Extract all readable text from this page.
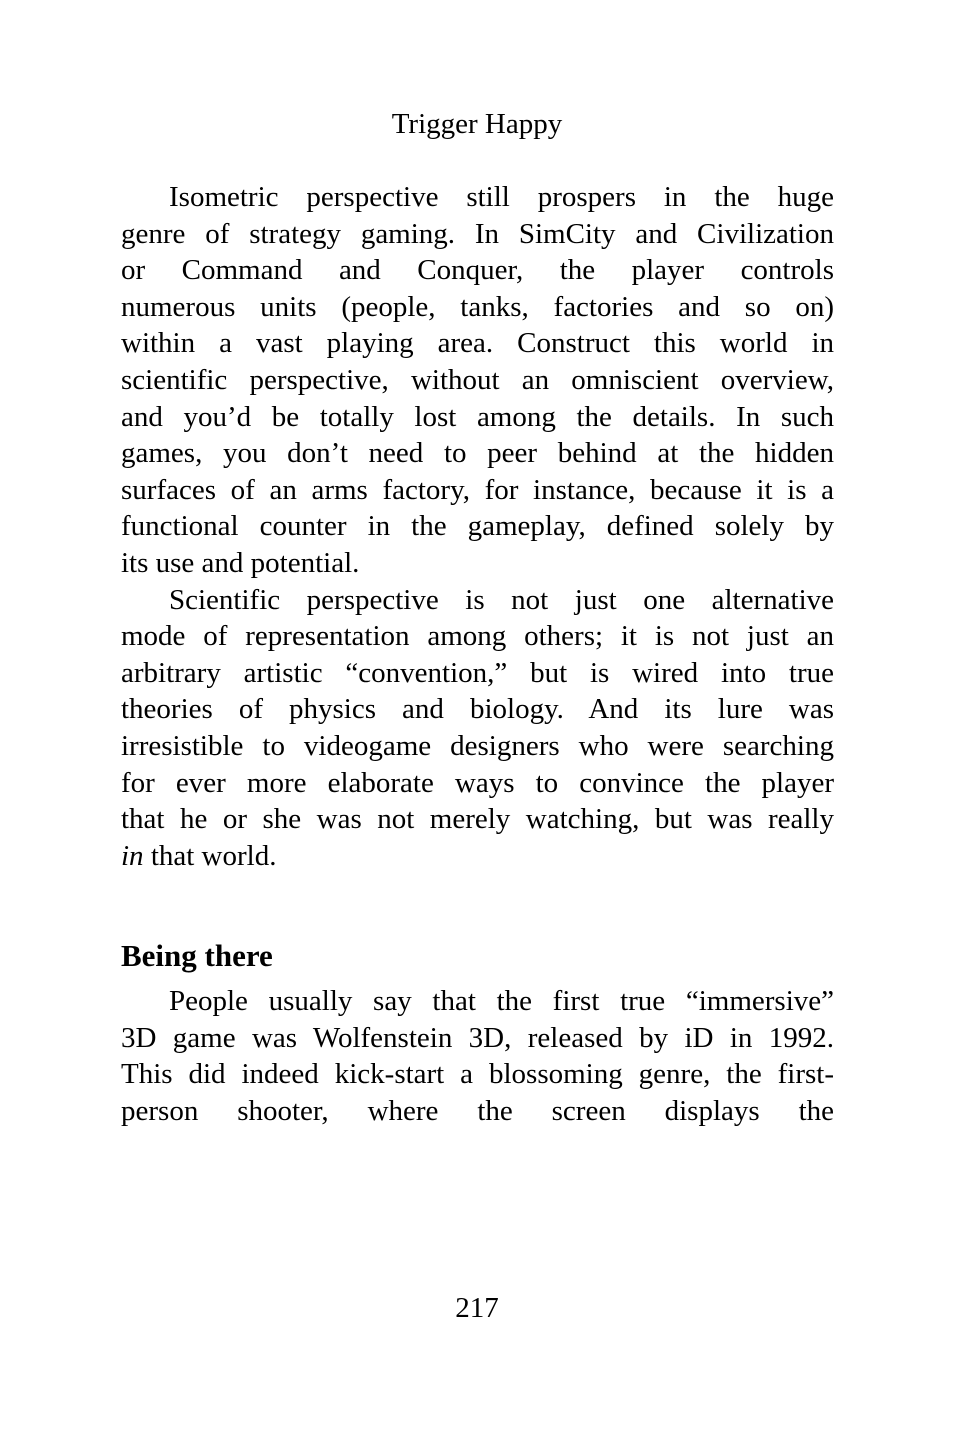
Trigger Happy
Isometric perspective still prospers in the huge
genre of strategy gaming. In SimCity and Civilization
or Command and Conquer, the player controls
numerous units (people, tanks, factories and so on)
within a vast playing area. Construct this world in
scientific perspective, without an omniscient overview,
and you’d be totally lost among the details. In such
games, you don’t need to peer behind at the hidden
surfaces of an arms factory, for instance, because it is a
functional counter in the gameplay, defined solely by
its use and potential.
Scientific perspective is not just one alternative
mode of representation among others; it is not just an
arbitrary artistic “convention,” but is wired into true
theories of physics and biology. And its lure was
irresistible to videogame designers who were searching
for ever more elaborate ways to convince the player
that he or she was not merely watching, but was really
in that world.
Being there
People usually say that the first true “immersive”
3D game was Wolfenstein 3D, released by iD in 1992.
This did indeed kick-start a blossoming genre, the first-
person shooter, where the screen displays the
217
